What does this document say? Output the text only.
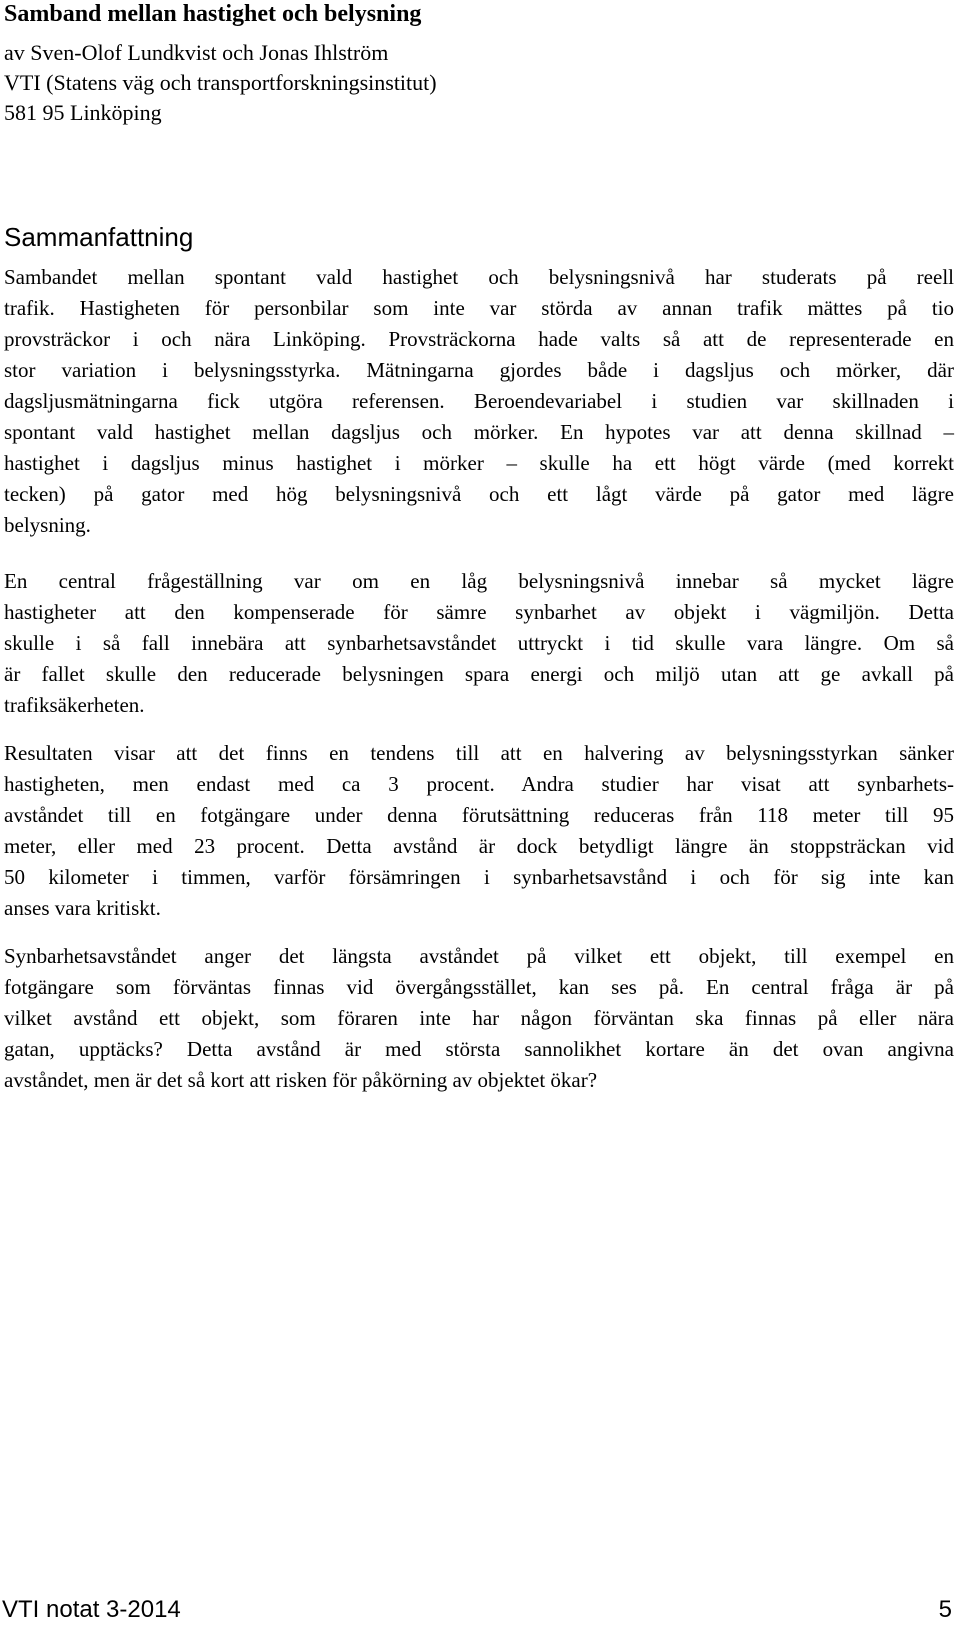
Samband mellan hastighet och belysning
av Sven-Olof Lundkvist och Jonas Ihlström
VTI (Statens väg och transportforskningsinstitut)
581 95 Linköping
Sammanfattning
Sambandet mellan spontant vald hastighet och belysningsnivå har studerats på reell
trafik. Hastigheten för personbilar som inte var störda av annan trafik mättes på tio
provsträckor i och nära Linköping. Provsträckorna hade valts så att de representerade en
stor variation i belysningsstyrka. Mätningarna gjordes både i dagsljus och mörker, där
dagsljusmätningarna fick utgöra referensen. Beroendevariabel i studien var skillnaden i
spontant vald hastighet mellan dagsljus och mörker. En hypotes var att denna skillnad –
hastighet i dagsljus minus hastighet i mörker – skulle ha ett högt värde (med korrekt
tecken) på gator med hög belysningsnivå och ett lågt värde på gator med lägre
belysning.
En central frågeställning var om en låg belysningsnivå innebar så mycket lägre
hastigheter att den kompenserade för sämre synbarhet av objekt i vägmiljön. Detta
skulle i så fall innebära att synbarhetsavståndet uttryckt i tid skulle vara längre. Om så
är fallet skulle den reducerade belysningen spara energi och miljö utan att ge avkall på
trafiksäkerheten.
Resultaten visar att det finns en tendens till att en halvering av belysningsstyrkan sänker
hastigheten, men endast med ca 3 procent. Andra studier har visat att synbarhets-
avståndet till en fotgängare under denna förutsättning reduceras från 118 meter till 95
meter, eller med 23 procent. Detta avstånd är dock betydligt längre än stoppsträckan vid
50 kilometer i timmen, varför försämringen i synbarhetsavstånd i och för sig inte kan
anses vara kritiskt.
Synbarhetsavståndet anger det längsta avståndet på vilket ett objekt, till exempel en
fotgängare som förväntas finnas vid övergångsstället, kan ses på. En central fråga är på
vilket avstånd ett objekt, som föraren inte har någon förväntan ska finnas på eller nära
gatan, upptäcks? Detta avstånd är med största sannolikhet kortare än det ovan angivna
avståndet, men är det så kort att risken för påkörning av objektet ökar?
VTI notat 3-2014	5
